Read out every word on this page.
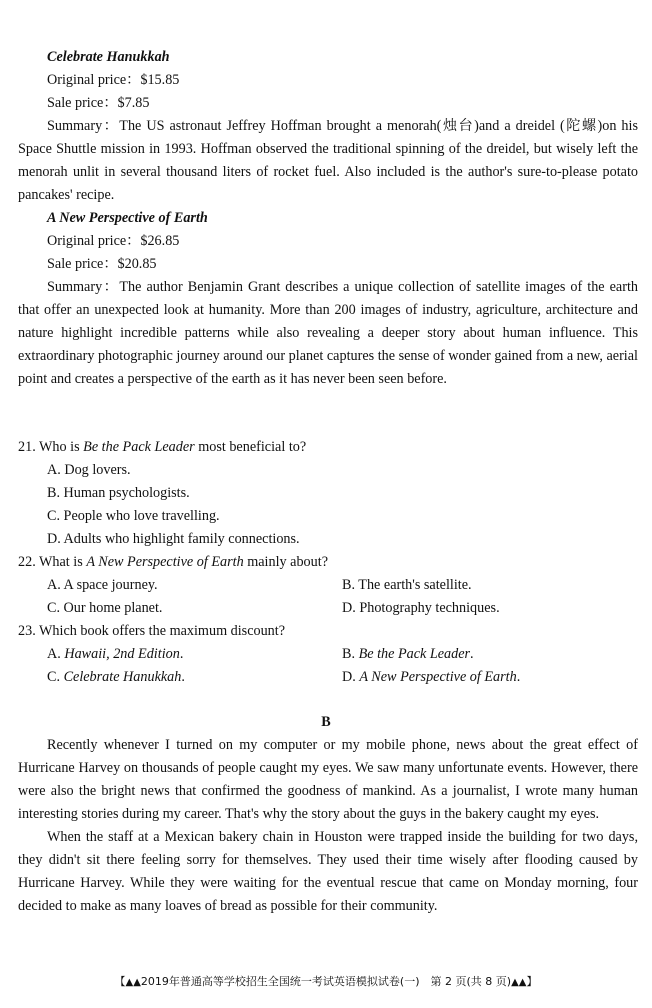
Celebrate Hanukkah
Original price：$15.85
Sale price：$7.85

Summary：The US astronaut Jeffrey Hoffman brought a menorah(烛台)and a dreidel (陀螺)on his Space Shuttle mission in 1993. Hoffman observed the traditional spinning of the dreidel, but wisely left the menorah unlit in several thousand liters of rocket fuel. Also included is the author's sure-to-please potato pancakes' recipe.

A New Perspective of Earth
Original price：$26.85
Sale price：$20.85

Summary：The author Benjamin Grant describes a unique collection of satellite images of the earth that offer an unexpected look at humanity. More than 200 images of industry, agriculture, architecture and nature highlight incredible patterns while also revealing a deeper story about human influence. This extraordinary photographic journey around our planet captures the sense of wonder gained from a new, aerial point and creates a perspective of the earth as it has never been seen before.

21. Who is Be the Pack Leader most beneficial to?
A. Dog lovers.
B. Human psychologists.
C. People who love travelling.
D. Adults who highlight family connections.
22. What is A New Perspective of Earth mainly about?
A. A space journey.	B. The earth's satellite.
C. Our home planet.	D. Photography techniques.
23. Which book offers the maximum discount?
A. Hawaii, 2nd Edition.	B. Be the Pack Leader.
C. Celebrate Hanukkah.	D. A New Perspective of Earth.
B

Recently whenever I turned on my computer or my mobile phone, news about the great effect of Hurricane Harvey on thousands of people caught my eyes. We saw many unfortunate events. However, there were also the bright news that confirmed the goodness of mankind. As a journalist, I wrote many human interesting stories during my career. That's why the story about the guys in the bakery caught my eyes.

When the staff at a Mexican bakery chain in Houston were trapped inside the building for two days, they didn't sit there feeling sorry for themselves. They used their time wisely after flooding caused by Hurricane Harvey. While they were waiting for the eventual rescue that came on Monday morning, four decided to make as many loaves of bread as possible for their community.

【▲▲2019年普通高等学校招生全国统一考试英语模拟试卷(一)　第 2 页(共 8 页)▲▲】
